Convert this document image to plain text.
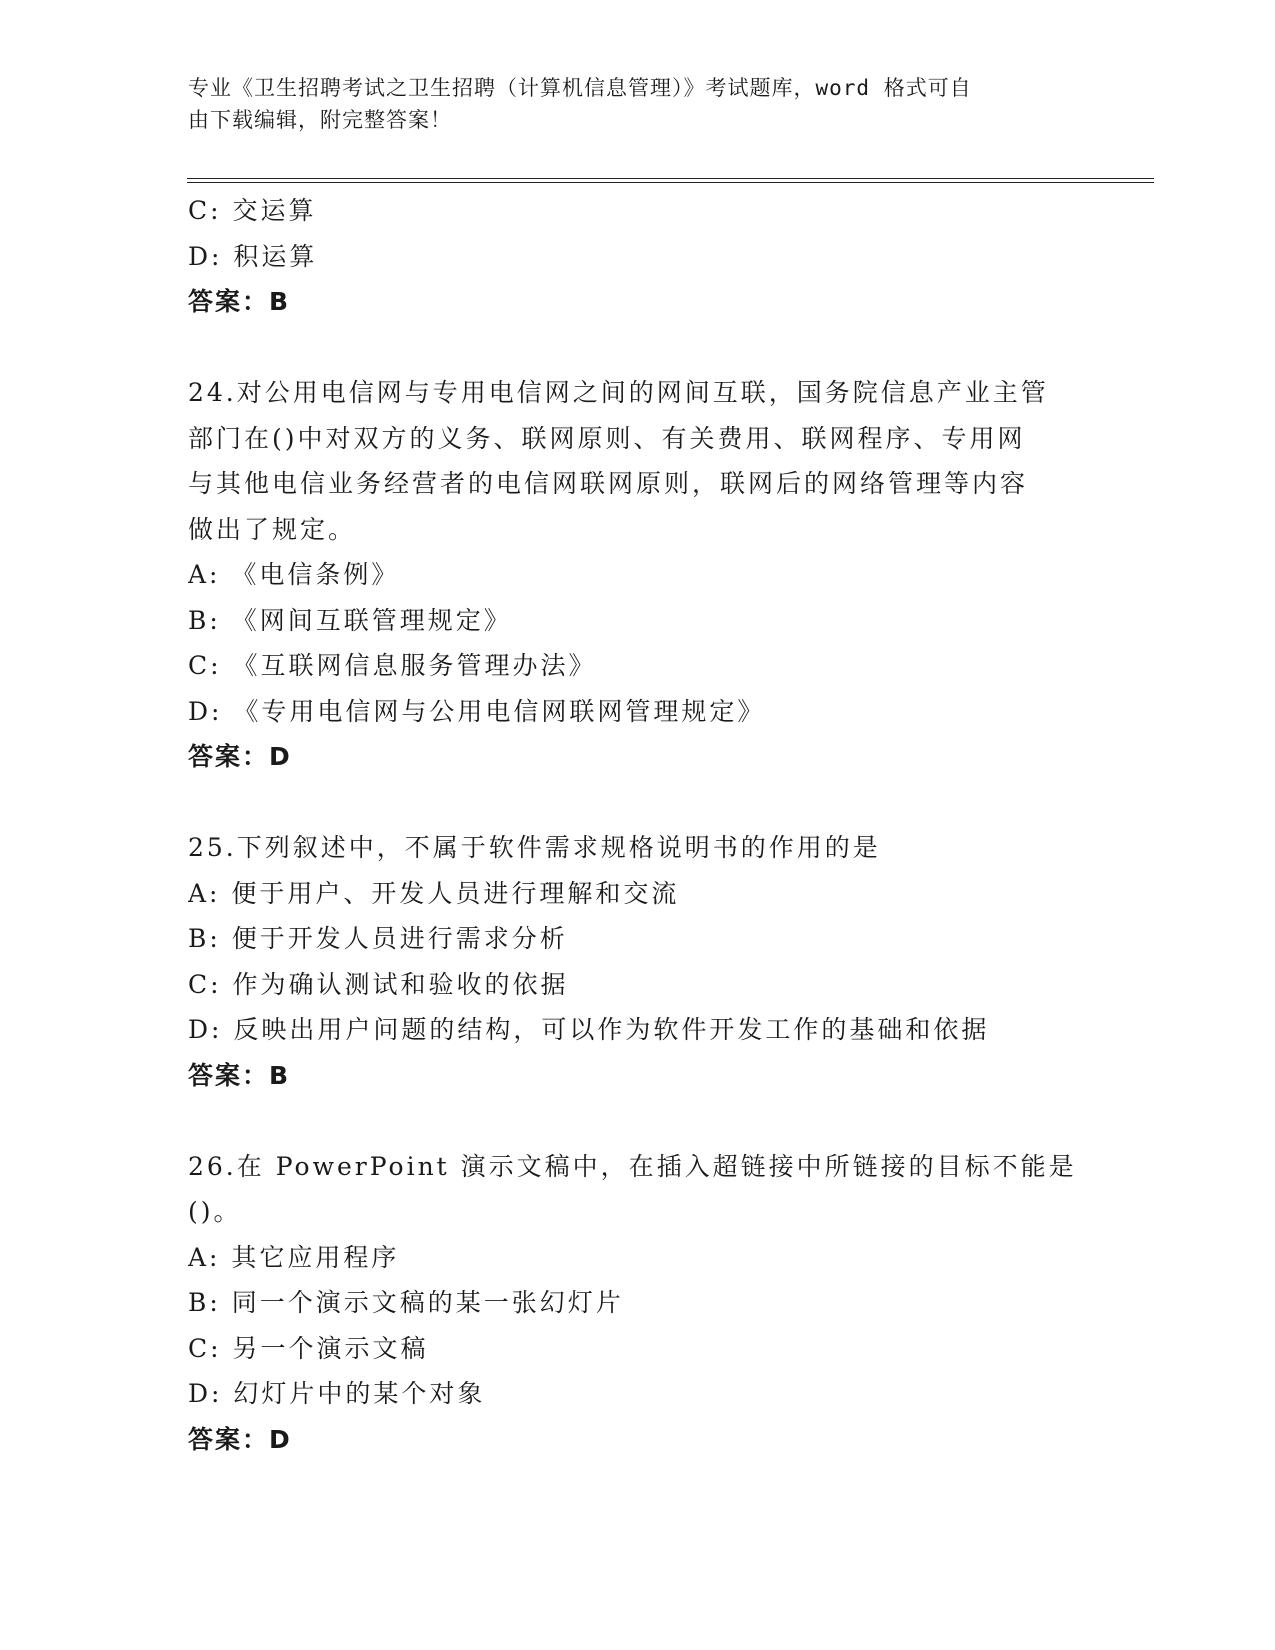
专业《卫生招聘考试之卫生招聘（计算机信息管理）》考试题库，word 格式可自
由下载编辑，附完整答案！
C: 交运算
D: 积运算
答案：B
24.对公用电信网与专用电信网之间的网间互联，国务院信息产业主管
部门在()中对双方的义务、联网原则、有关费用、联网程序、专用网
与其他电信业务经营者的电信网联网原则，联网后的网络管理等内容
做出了规定。
A: 《电信条例》
B: 《网间互联管理规定》
C: 《互联网信息服务管理办法》
D: 《专用电信网与公用电信网联网管理规定》
答案：D
25.下列叙述中，不属于软件需求规格说明书的作用的是
A: 便于用户、开发人员进行理解和交流
B: 便于开发人员进行需求分析
C: 作为确认测试和验收的依据
D: 反映出用户问题的结构，可以作为软件开发工作的基础和依据
答案：B
26.在 PowerPoint 演示文稿中，在插入超链接中所链接的目标不能是
()。
A: 其它应用程序
B: 同一个演示文稿的某一张幻灯片
C: 另一个演示文稿
D: 幻灯片中的某个对象
答案：D
